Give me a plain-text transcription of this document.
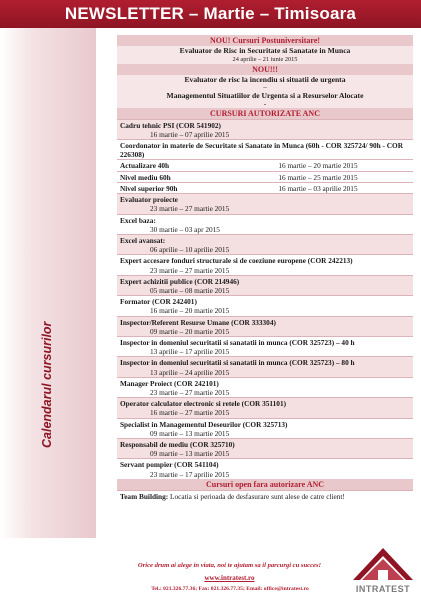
NEWSLETTER – Martie – Timisoara
Calendarul cursurilor
NOU! Cursuri Postuniversitare!
Evaluator de Risc in Securitate si Sanatate in Munca
24 aprilie – 21 iunie 2015
NOU!!!
Evaluator de risc la incendiu si situatii de urgenta
–
Managementul Situatiilor de Urgenta si a Resurselor Alocate
-
CURSURI AUTORIZATE ANC
Cadru tehnic PSI (COR 541902)
16 martie – 07 aprilie 2015
Coordonator in materie de Securitate si Sanatate in Munca (60h - COR 325724/ 90h - COR 226308)
Actualizare 40h	16 martie – 20 martie 2015
Nivel mediu 60h	16 martie – 25 martie 2015
Nivel superior 90h	16 martie – 03 aprilie 2015
Evaluator proiecte
23 martie – 27 martie 2015
Excel baza:
30 martie – 03 apr 2015
Excel avansat:
06 aprilie – 10 aprilie 2015
Expert accesare fonduri structurale si de coeziune europene (COR 242213)
23 martie – 27 martie 2015
Expert achizitii publice (COR 214946)
05 martie – 08 martie 2015
Formator (COR 242401)
16 martie – 20 martie 2015
Inspector/Referent Resurse Umane (COR 333304)
09 martie – 20 martie 2015
Inspector in domeniul securitatii si sanatatii in munca (COR 325723) – 40 h
13 aprilie – 17 aprilie 2015
Inspector in domeniul securitatii si sanatatii in munca (COR 325723) – 80 h
13 aprilie – 24 aprilie 2015
Manager Proiect (COR 242101)
23 martie – 27 martie 2015
Operator calculator electronic si retele (COR 351101)
16 martie – 27 martie 2015
Specialist in Managementul Deseurilor (COR 325713)
09 martie – 13 martie 2015
Responsabil de mediu (COR 325710)
09 martie – 13 martie 2015
Servant pompier (COR 541104)
23 martie – 17 aprilie 2015
Cursuri open fara autorizare ANC
Team Building: Locatia si perioada de desfasurare sunt alese de catre client!
Orice drum ai alege in viata, noi te ajutam sa il parcurgi cu succes!
www.intratest.ro
Tel.: 021.326.77.36; Fax: 021.326.77.35; Email: office@intratest.ro	INTRATEST
